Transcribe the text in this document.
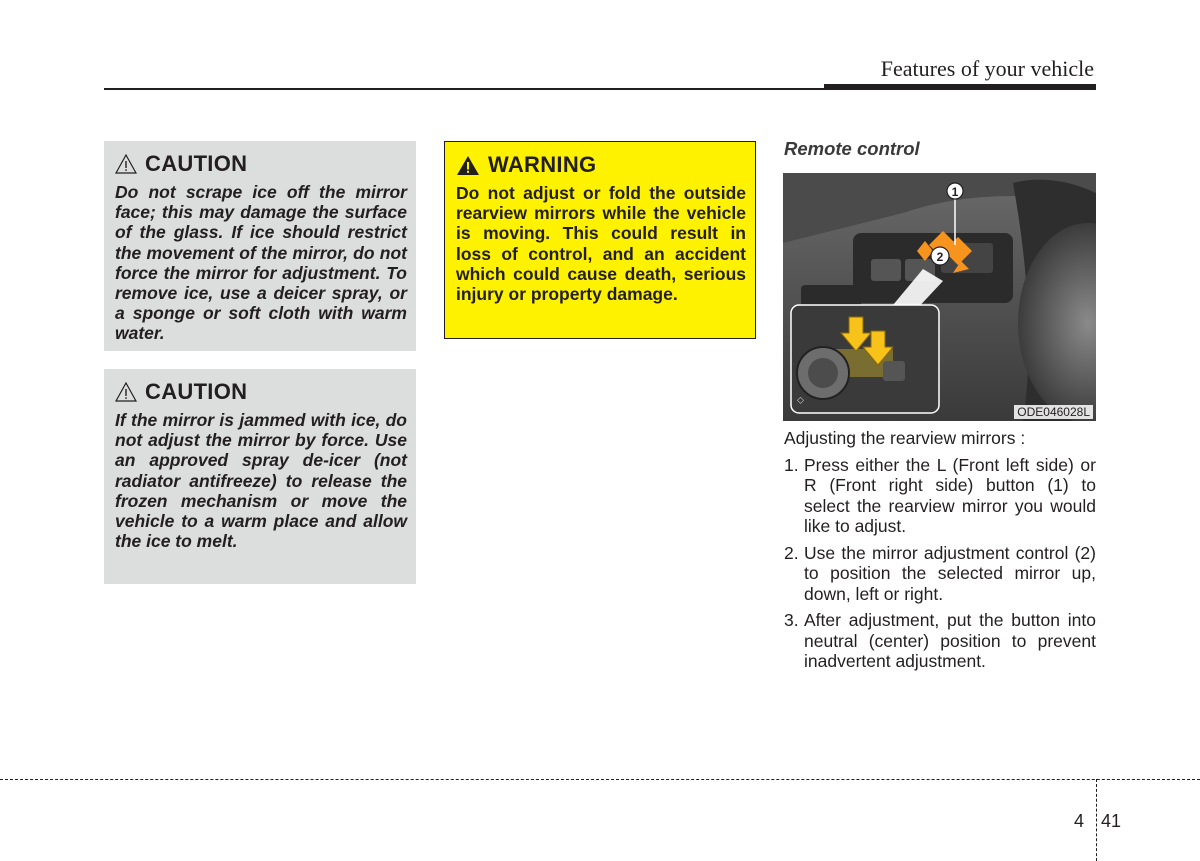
Features of your vehicle
CAUTION
Do not scrape ice off the mirror face; this may damage the surface of the glass. If ice should restrict the movement of the mirror, do not force the mirror for adjustment. To remove ice, use a deicer spray, or a sponge or soft cloth with warm water.
CAUTION
If the mirror is jammed with ice, do not adjust the mirror by force. Use an approved spray de-icer (not radiator antifreeze) to release the frozen mechanism or move the vehicle to a warm place and allow the ice to melt.
WARNING
Do not adjust or fold the outside rearview mirrors while the vehicle is moving. This could result in loss of control, and an accident which could cause death, serious injury or property damage.
Remote control
2
1
⬦
ODE046028L
Adjusting the rearview mirrors :
1. Press either the L (Front left side) or R (Front right side) button (1) to select the rearview mirror you would like to adjust.
2. Use the mirror adjustment control (2) to position the selected mirror up, down, left or right.
3. After adjustment, put the button into neutral (center) position to prevent inadvertent adjustment.
4 41
